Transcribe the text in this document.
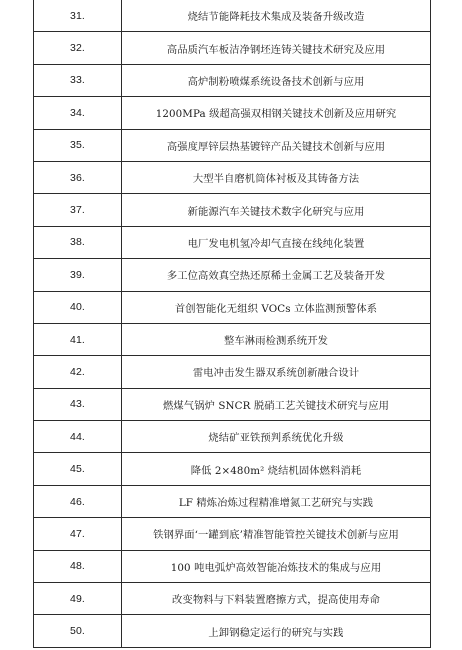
31.	烧结节能降耗技术集成及装备升级改造
32.	高品质汽车板洁净钢坯连铸关键技术研究及应用
33.	高炉制粉喷煤系统设备技术创新与应用
34.	1200MPa 级超高强双相钢关键技术创新及应用研究
35.	高强度厚锌层热基镀锌产品关键技术创新与应用
36.	大型半自磨机筒体衬板及其铸备方法
37.	新能源汽车关键技术数字化研究与应用
38.	电厂发电机氢冷却气直接在线纯化装置
39.	多工位高效真空热还原稀土金属工艺及装备开发
40.	首创智能化无组织 VOCs 立体监测预警体系
41.	整车淋雨检测系统开发
42.	雷电冲击发生器双系统创新融合设计
43.	燃煤气锅炉 SNCR 脱硝工艺关键技术研究与应用
44.	烧结矿亚铁预判系统优化升级
45.	降低 2×480m² 烧结机固体燃料消耗
46.	LF 精炼冶炼过程精准增氮工艺研究与实践
47.	铁钢界面‘一罐到底’精准智能管控关键技术创新与应用
48.	100 吨电弧炉高效智能冶炼技术的集成与应用
49.	改变物料与下料装置磨擦方式，提高使用寿命
50.	上卸钢稳定运行的研究与实践
